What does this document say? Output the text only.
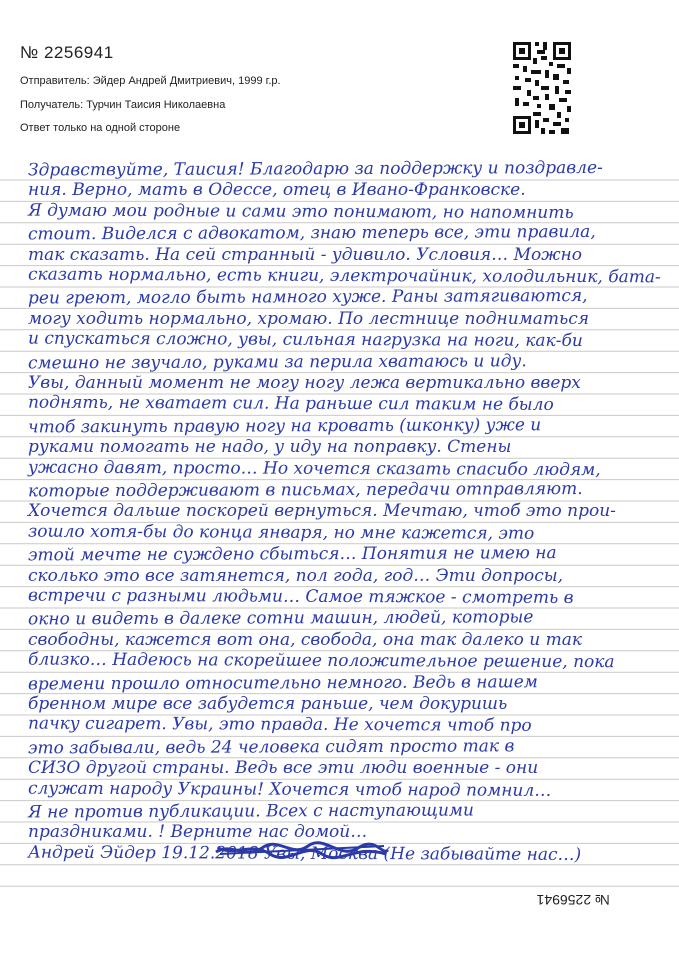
№ 2256941
Отправитель: Эйдер Андрей Дмитриевич, 1999 г.р.
Получатель: Турчин Таисия Николаевна
Ответ только на одной стороне
Здравствуйте, Таисия! Благодарю за поддержку и поздравле-
ния. Верно, мать в Одессе, отец в Ивано-Франковске.
Я думаю мои родные и сами это понимают, но напомнить
стоит. Виделся с адвокатом, знаю теперь все, эти правила,
так сказать. На сей странный - удивило. Условия… Можно
сказать нормально, есть книги, электрочайник, холодильник, бата-
реи греют, могло быть намного хуже. Раны затягиваются,
могу ходить нормально, хромаю. По лестнице подниматься
и спускаться сложно, увы, сильная нагрузка на ноги, как-би
смешно не звучало, руками за перила хватаюсь и иду.
Увы, данный момент не могу ногу лежа вертикально вверх
поднять, не хватает сил. На раньше сил таким не было
чтоб закинуть правую ногу на кровать (шконку) уже и
руками помогать не надо, у иду на поправку. Стены
ужасно давят, просто… Но хочется сказать спасибо людям,
которые поддерживают в письмах, передачи отправляют.
Хочется дальше поскорей вернуться. Мечтаю, чтоб это прои-
зошло хотя-бы до конца января, но мне кажется, это
этой мечте не суждено сбыться… Понятия не имею на
сколько это все затянется, пол года, год… Эти допросы,
встречи с разными людьми… Самое тяжкое - смотреть в
окно и видеть в далеке сотни машин, людей, которые
свободны, кажется вот она, свобода, она так далеко и так
близко… Надеюсь на скорейшее положительное решение, пока
времени прошло относительно немного. Ведь в нашем
бренном мире все забудется раньше, чем докуришь
пачку сигарет. Увы, это правда. Не хочется чтоб про
это забывали, ведь 24 человека сидят просто так в
СИЗО другой страны. Ведь все эти люди военные - они
служат народу Украины! Хочется чтоб народ помнил…
Я не против публикации. Всех с наступающими
праздниками. ! Верните нас домой…
Андрей Эйдер 19.12.2018 Увы, Москва (Не забывайте нас…)
№ 2256941
